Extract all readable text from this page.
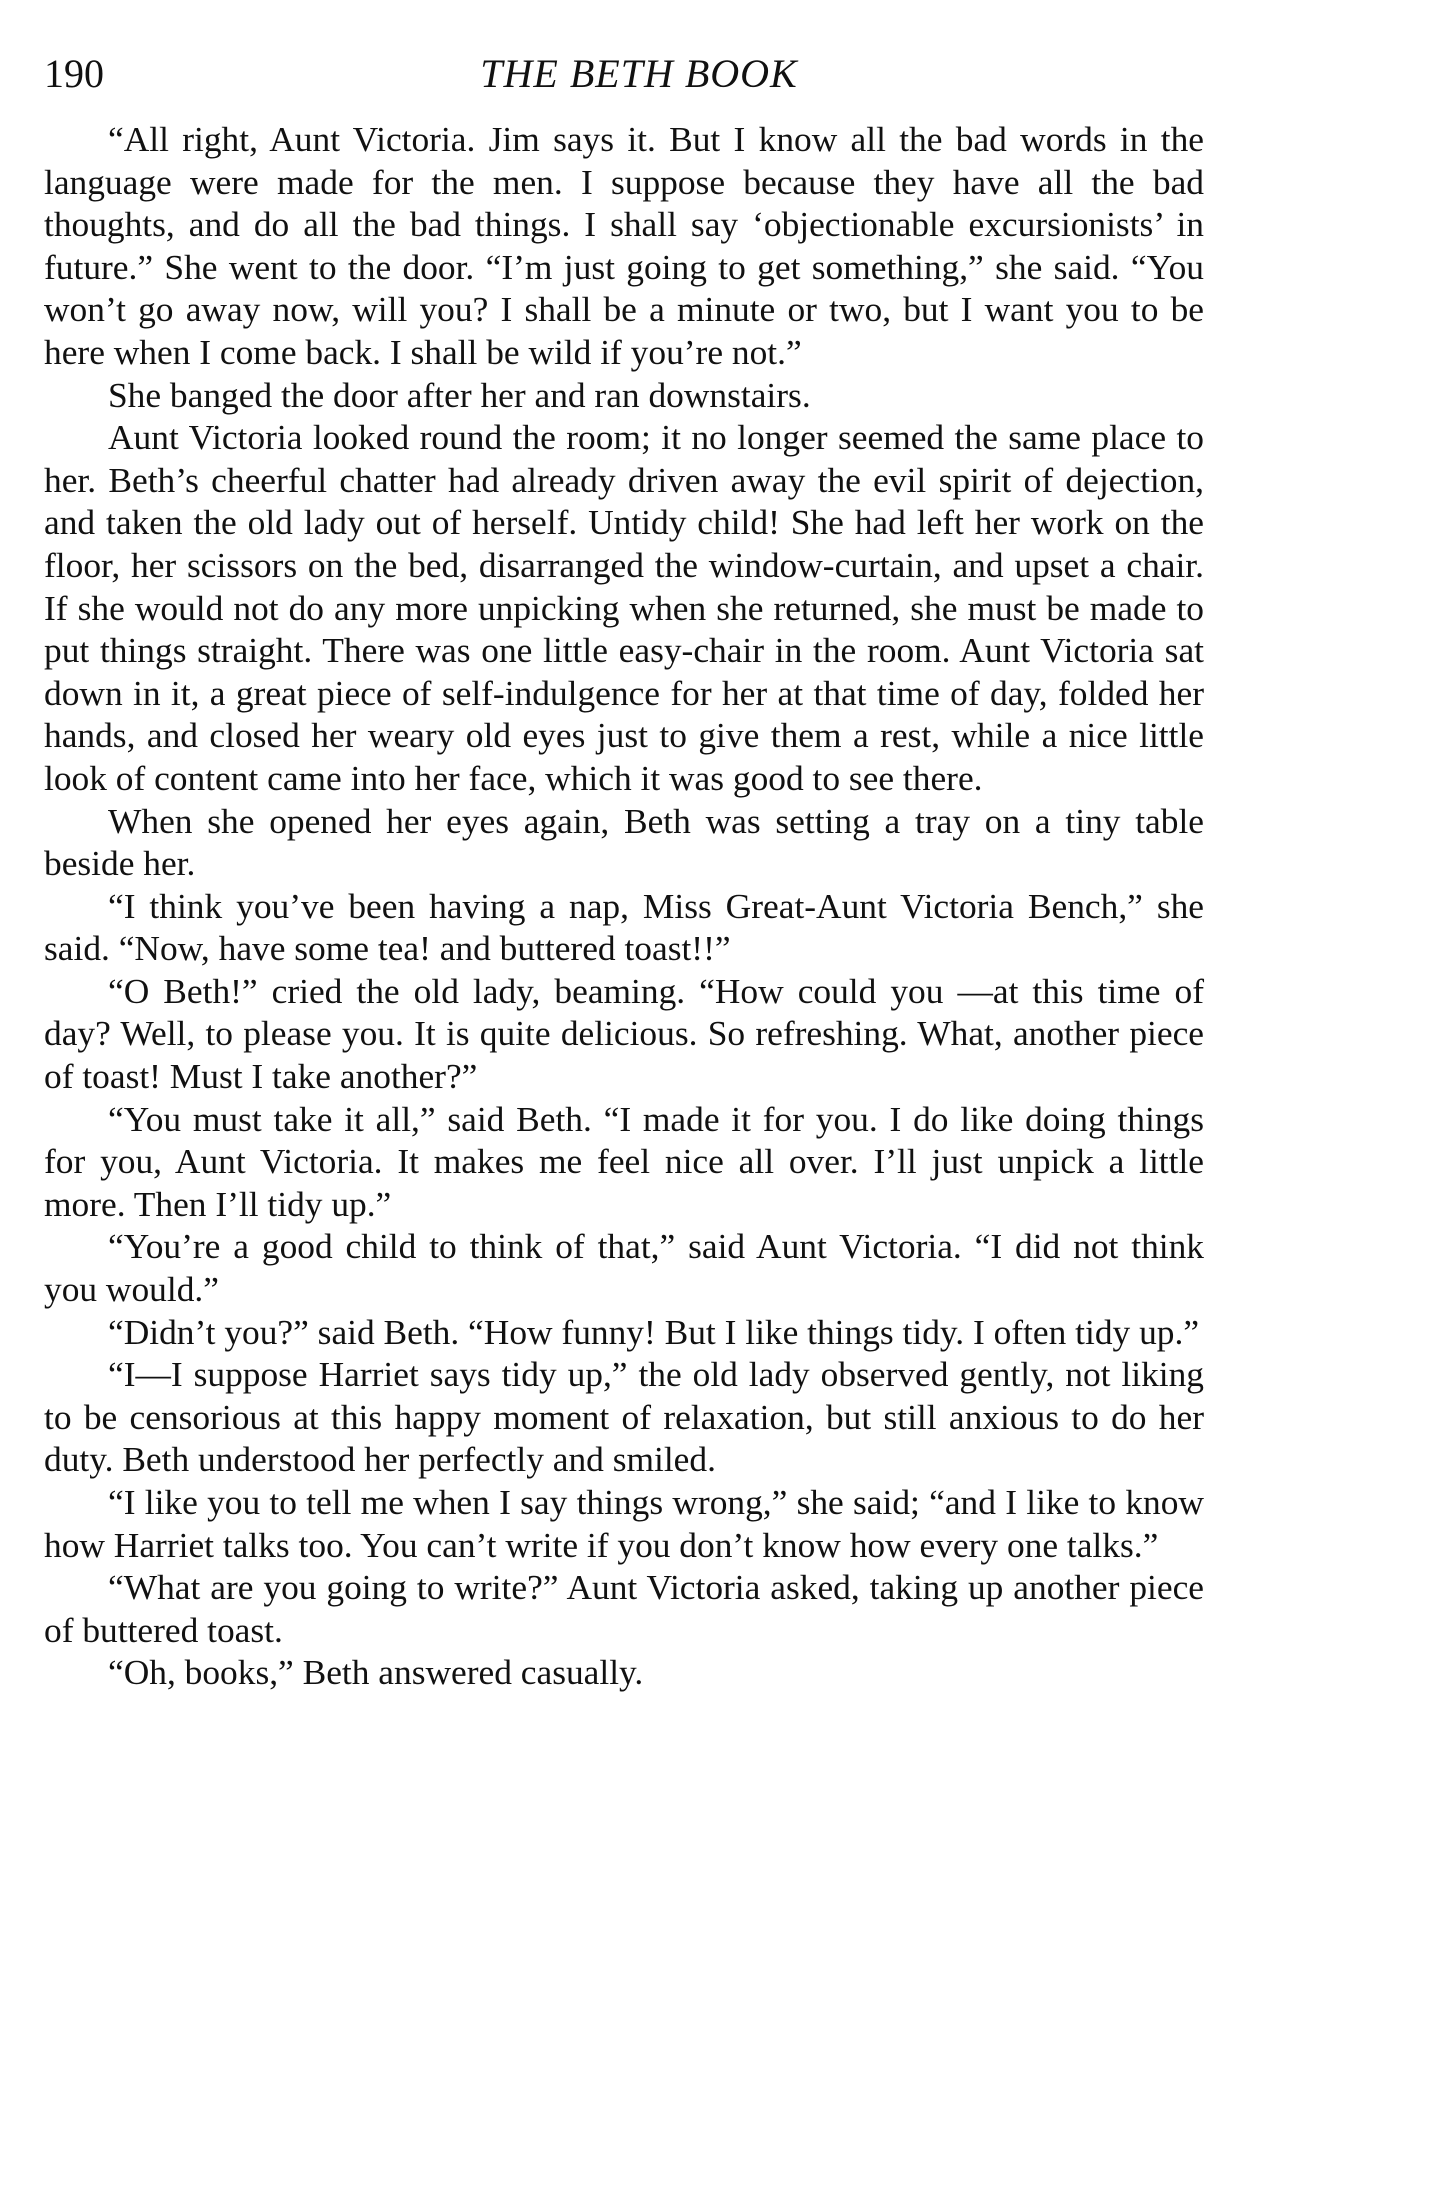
190	THE BETH BOOK

“All right, Aunt Victoria. Jim says it. But I know all the bad words in the language were made for the men. I suppose because they have all the bad thoughts, and do all the bad things. I shall say ‘objectionable excursionists’ in future.” She went to the door. “I’m just going to get something,” she said. “You won’t go away now, will you? I shall be a minute or two, but I want you to be here when I come back. I shall be wild if you’re not.”

She banged the door after her and ran downstairs.

Aunt Victoria looked round the room; it no longer seemed the same place to her. Beth’s cheerful chatter had already driven away the evil spirit of dejection, and taken the old lady out of herself. Untidy child! She had left her work on the floor, her scissors on the bed, disarranged the window-curtain, and upset a chair. If she would not do any more unpicking when she returned, she must be made to put things straight. There was one little easy-chair in the room. Aunt Victoria sat down in it, a great piece of self-indulgence for her at that time of day, folded her hands, and closed her weary old eyes just to give them a rest, while a nice little look of content came into her face, which it was good to see there.

When she opened her eyes again, Beth was setting a tray on a tiny table beside her.

“I think you’ve been having a nap, Miss Great-Aunt Victoria Bench,” she said. “Now, have some tea! and buttered toast!!”

“O Beth!” cried the old lady, beaming. “How could you —at this time of day? Well, to please you. It is quite delicious. So refreshing. What, another piece of toast! Must I take another?”

“You must take it all,” said Beth. “I made it for you. I do like doing things for you, Aunt Victoria. It makes me feel nice all over. I’ll just unpick a little more. Then I’ll tidy up.”

“You’re a good child to think of that,” said Aunt Victoria. “I did not think you would.”

“Didn’t you?” said Beth. “How funny! But I like things tidy. I often tidy up.”

“I—I suppose Harriet says tidy up,” the old lady observed gently, not liking to be censorious at this happy moment of relaxation, but still anxious to do her duty. Beth understood her perfectly and smiled.

“I like you to tell me when I say things wrong,” she said; “and I like to know how Harriet talks too. You can’t write if you don’t know how every one talks.”

“What are you going to write?” Aunt Victoria asked, taking up another piece of buttered toast.

“Oh, books,” Beth answered casually.
